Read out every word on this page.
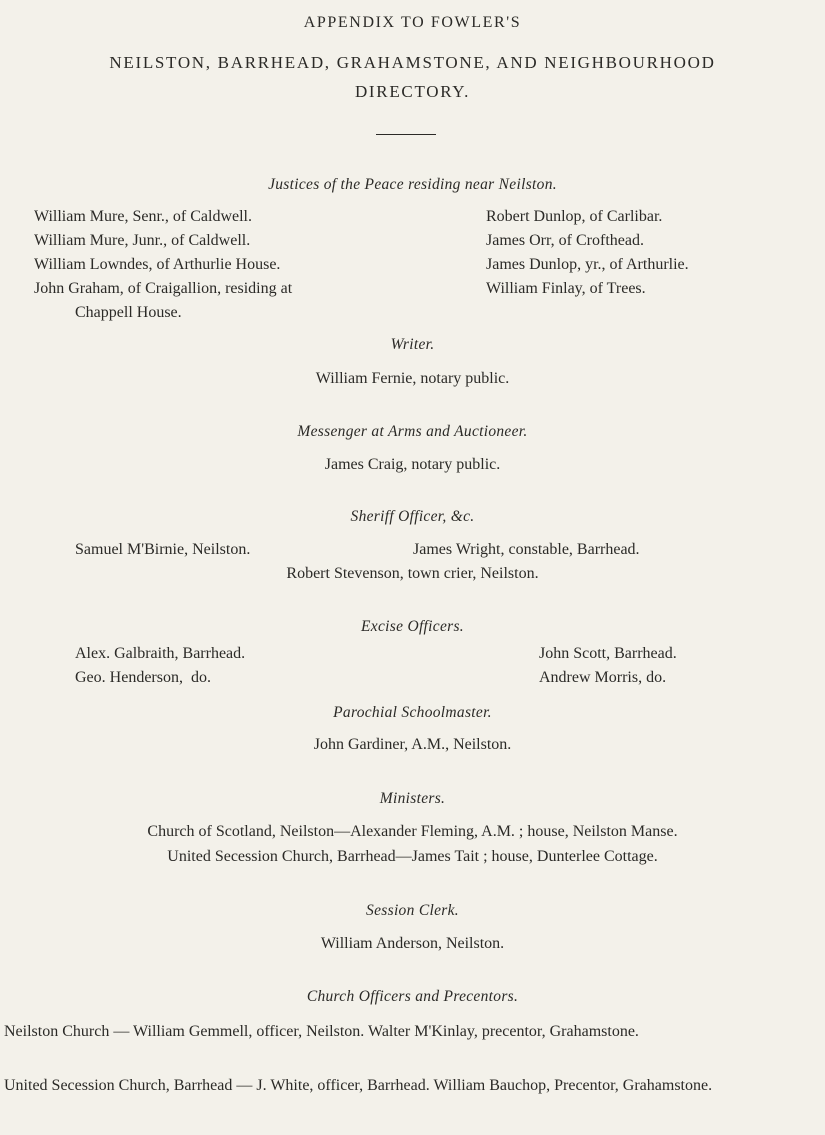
APPENDIX TO FOWLER'S
NEILSTON, BARRHEAD, GRAHAMSTONE, AND NEIGHBOURHOOD
DIRECTORY.
Justices of the Peace residing near Neilston.
William Mure, Senr., of Caldwell.
William Mure, Junr., of Caldwell.
William Lowndes, of Arthurlie House.
John Graham, of Craigallion, residing at
Chappell House.
Robert Dunlop, of Carlibar.
James Orr, of Crofthead.
James Dunlop, yr., of Arthurlie.
William Finlay, of Trees.
Writer.
William Fernie, notary public.
Messenger at Arms and Auctioneer.
James Craig, notary public.
Sheriff Officer, &c.
Samuel M'Birnie, Neilston.	James Wright, constable, Barrhead.
Robert Stevenson, town crier, Neilston.
Excise Officers.
Alex. Galbraith, Barrhead.
Geo. Henderson,  do.
John Scott, Barrhead.
Andrew Morris, do.
Parochial Schoolmaster.
John Gardiner, A.M., Neilston.
Ministers.
Church of Scotland, Neilston—Alexander Fleming, A.M. ; house, Neilston Manse.
United Secession Church, Barrhead—James Tait ; house, Dunterlee Cottage.
Session Clerk.
William Anderson, Neilston.
Church Officers and Precentors.
Neilston Church — William Gemmell, officer, Neilston. Walter M'Kinlay, precentor, Grahamstone.
United Secession Church, Barrhead — J. White, officer, Barrhead. William Bauchop, Precentor, Grahamstone.
